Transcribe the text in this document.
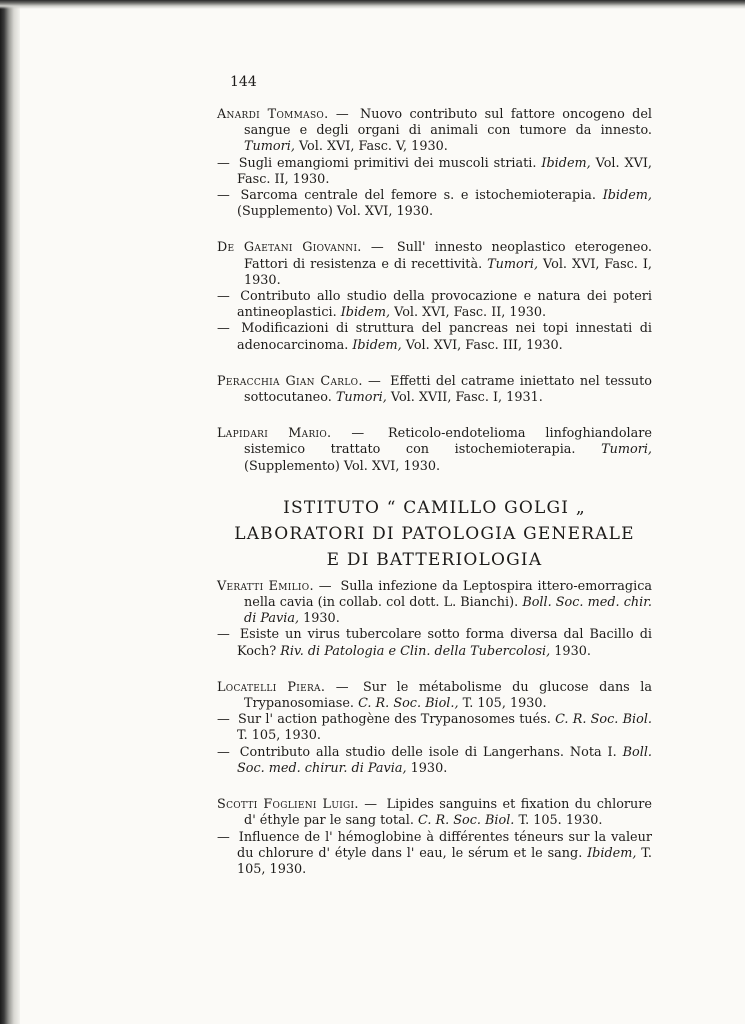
144
Anardi Tommaso. — Nuovo contributo sul fattore oncogeno del sangue e degli organi di animali con tumore da innesto. Tumori, Vol. XVI, Fasc. V, 1930.
— Sugli emangiomi primitivi dei muscoli striati. Ibidem, Vol. XVI, Fasc. II, 1930.
— Sarcoma centrale del femore s. e istochemioterapia. Ibidem, (Supplemento) Vol. XVI, 1930.
De Gaetani Giovanni. — Sull' innesto neoplastico eterogeneo. Fattori di resistenza e di recettività. Tumori, Vol. XVI, Fasc. I, 1930.
— Contributo allo studio della provocazione e natura dei poteri antineoplastici. Ibidem, Vol. XVI, Fasc. II, 1930.
— Modificazioni di struttura del pancreas nei topi innestati di adenocarcinoma. Ibidem, Vol. XVI, Fasc. III, 1930.
Peracchia Gian Carlo. — Effetti del catrame iniettato nel tessuto sottocutaneo. Tumori, Vol. XVII, Fasc. I, 1931.
Lapidari Mario. — Reticolo-endotelioma linfoghiandolare sistemico trattato con istochemioterapia. Tumori, (Supplemento) Vol. XVI, 1930.
ISTITUTO “ CAMILLO GOLGI „
LABORATORI DI PATOLOGIA GENERALE
E DI BATTERIOLOGIA
Veratti Emilio. — Sulla infezione da Leptospira ittero-emorragica nella cavia (in collab. col dott. L. Bianchi). Boll. Soc. med. chir. di Pavia, 1930.
— Esiste un virus tubercolare sotto forma diversa dal Bacillo di Koch? Riv. di Patologia e Clin. della Tubercolosi, 1930.
Locatelli Piera. — Sur le métabolisme du glucose dans la Trypanosomiase. C. R. Soc. Biol., T. 105, 1930.
— Sur l' action pathogène des Trypanosomes tués. C. R. Soc. Biol. T. 105, 1930.
— Contributo alla studio delle isole di Langerhans. Nota I. Boll. Soc. med. chirur. di Pavia, 1930.
Scotti Foglieni Luigi. — Lipides sanguins et fixation du chlorure d' éthyle par le sang total. C. R. Soc. Biol. T. 105. 1930.
— Influence de l' hémoglobine à différentes téneurs sur la valeur du chlorure d' étyle dans l' eau, le sérum et le sang. Ibidem, T. 105, 1930.
